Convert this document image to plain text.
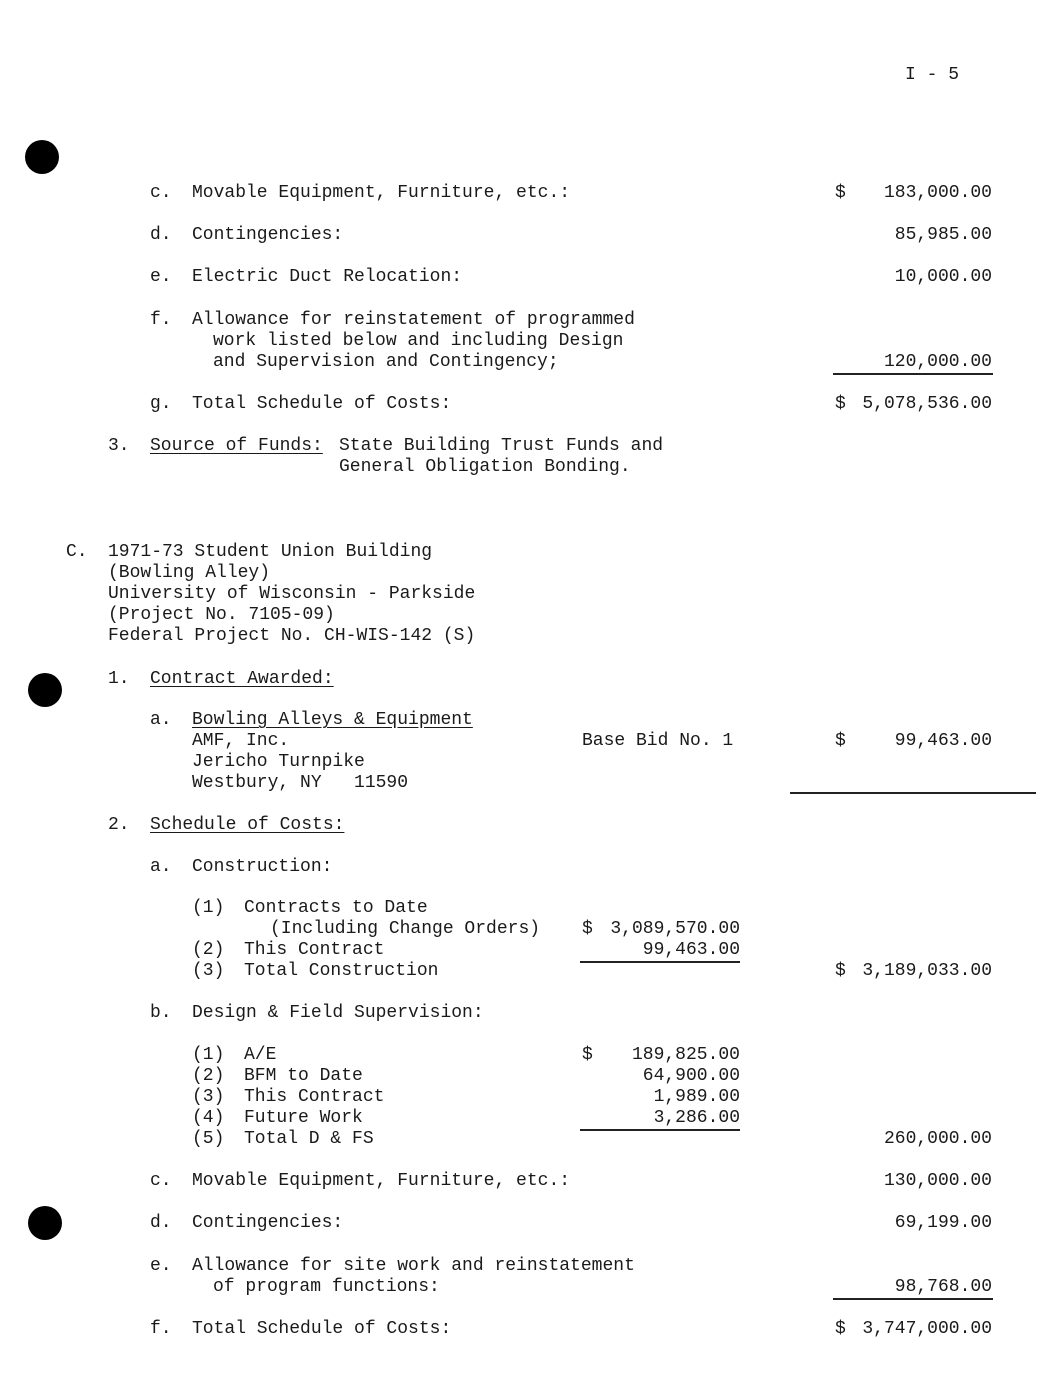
I - 5
c. Movable Equipment, Furniture, etc.:	$ 183,000.00
d. Contingencies:	85,985.00
e. Electric Duct Relocation:	10,000.00
f. Allowance for reinstatement of programmed
work listed below and including Design
and Supervision and Contingency;	120,000.00
g. Total Schedule of Costs:	$ 5,078,536.00
3. Source of Funds: State Building Trust Funds and
General Obligation Bonding.
C. 1971-73 Student Union Building
(Bowling Alley)
University of Wisconsin - Parkside
(Project No. 7105-09)
Federal Project No. CH-WIS-142 (S)
1. Contract Awarded:
a. Bowling Alleys & Equipment
AMF, Inc.
Jericho Turnpike
Westbury, NY   11590
Base Bid No. 1	$	99,463.00
2. Schedule of Costs:
a. Construction:
(1) Contracts to Date
(Including Change Orders) $ 3,089,570.00
(2) This Contract	99,463.00
(3) Total Construction	$ 3,189,033.00
b. Design & Field Supervision:
(1) A/E	$ 189,825.00
(2) BFM to Date	64,900.00
(3) This Contract	1,989.00
(4) Future Work	3,286.00
(5) Total D & FS	260,000.00
c. Movable Equipment, Furniture, etc.:	130,000.00
d. Contingencies:	69,199.00
e. Allowance for site work and reinstatement
of program functions:	98,768.00
f. Total Schedule of Costs:	$ 3,747,000.00
